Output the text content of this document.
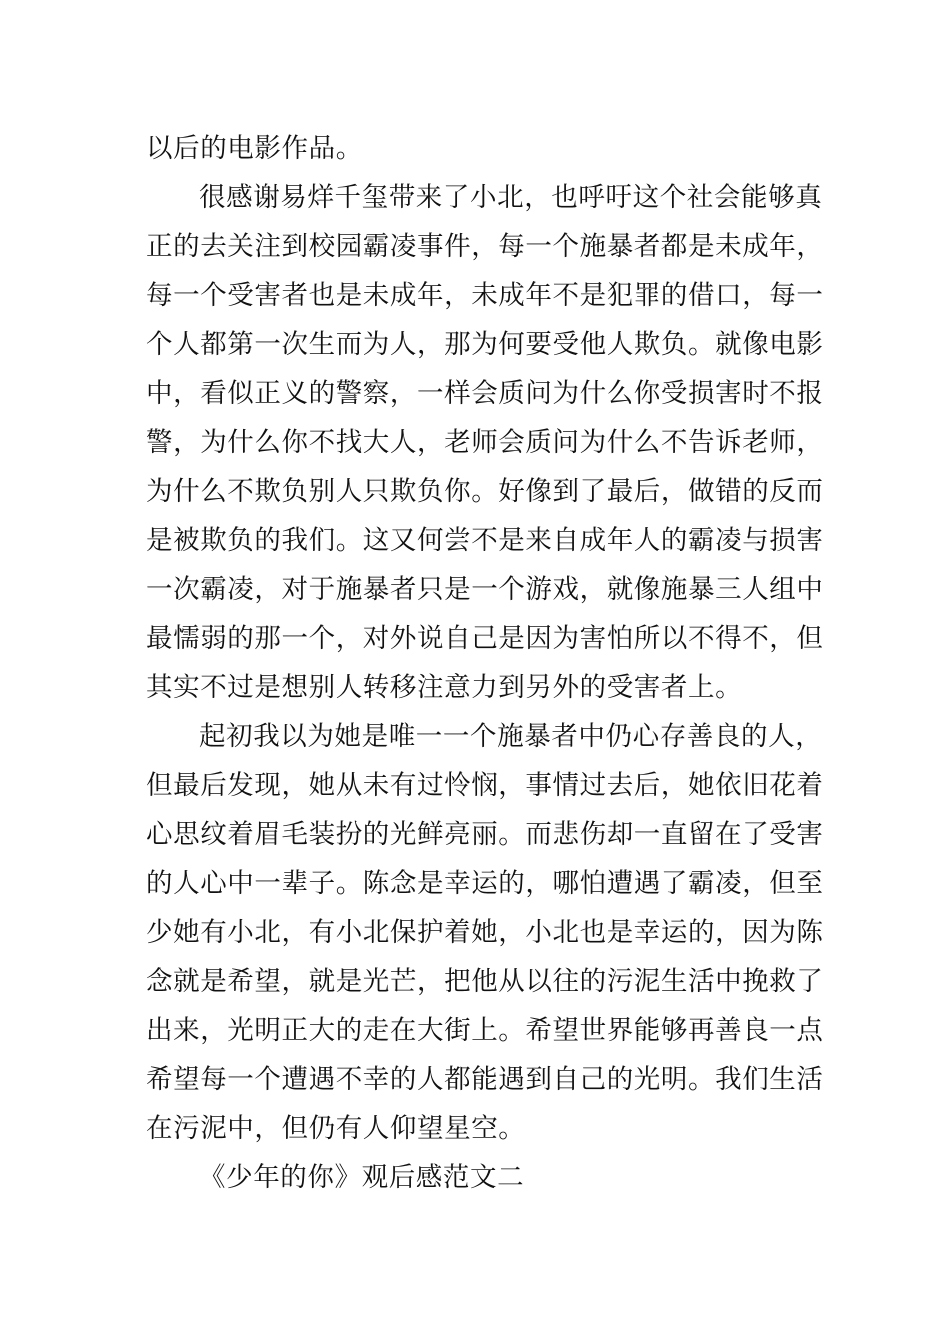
以后的电影作品。
很感谢易烊千玺带来了小北，也呼吁这个社会能够真
正的去关注到校园霸凌事件，每一个施暴者都是未成年，
每一个受害者也是未成年，未成年不是犯罪的借口，每一
个人都第一次生而为人，那为何要受他人欺负。就像电影
中，看似正义的警察，一样会质问为什么你受损害时不报
警，为什么你不找大人，老师会质问为什么不告诉老师，
为什么不欺负别人只欺负你。好像到了最后，做错的反而
是被欺负的我们。这又何尝不是来自成年人的霸凌与损害
一次霸凌，对于施暴者只是一个游戏，就像施暴三人组中
最懦弱的那一个，对外说自己是因为害怕所以不得不，但
其实不过是想别人转移注意力到另外的受害者上。
起初我以为她是唯一一个施暴者中仍心存善良的人，
但最后发现，她从未有过怜悯，事情过去后，她依旧花着
心思纹着眉毛装扮的光鲜亮丽。而悲伤却一直留在了受害
的人心中一辈子。陈念是幸运的，哪怕遭遇了霸凌，但至
少她有小北，有小北保护着她，小北也是幸运的，因为陈
念就是希望，就是光芒，把他从以往的污泥生活中挽救了
出来，光明正大的走在大街上。希望世界能够再善良一点
希望每一个遭遇不幸的人都能遇到自己的光明。我们生活
在污泥中，但仍有人仰望星空。
《少年的你》观后感范文二
